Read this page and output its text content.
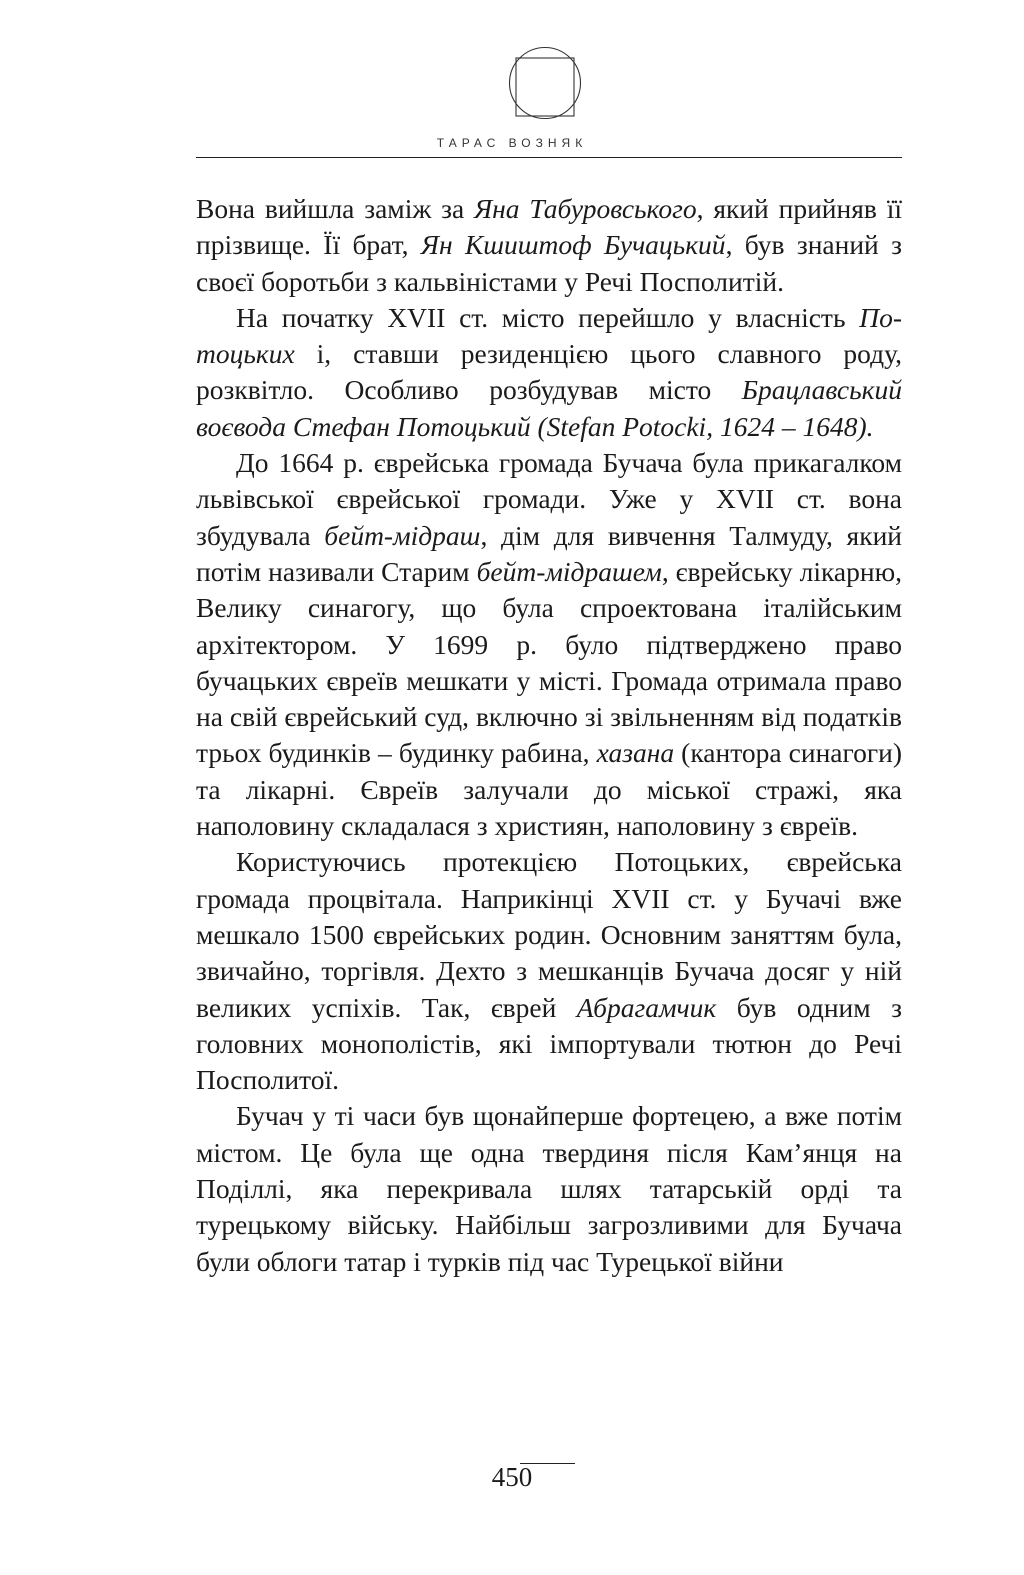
ТАРАС ВОЗНЯК

Вона вийшла заміж за Яна Табуровського, який прийняв її прізвище. Її брат, Ян Кшиштоф Бучацький, був знаний з своєї боротьби з кальвіністами у Речі Посполитій.

На початку XVII ст. місто перейшло у власність Потоцьких і, ставши резиденцією цього славного роду, розквітло. Особливо розбудував місто Брацлавський воєвода Стефан Потоцький (Stefan Potocki, 1624 – 1648).

До 1664 р. єврейська громада Бучача була прикагалком львівської єврейської громади. Уже у XVII ст. вона збудувала бейт-мідраш, дім для вивчення Талмуду, який потім називали Старим бейт-мідрашем, єврейську лікарню, Велику синагогу, що була спроектована італійським архітектором. У 1699 р. було підтверджено право бучацьких євреїв мешкати у місті. Громада отримала право на свій єврейський суд, включно зі звільненням від податків трьох будинків – будинку рабина, хазана (кантора синагоги) та лікарні. Євреїв залучали до міської стражі, яка наполовину складалася з християн, наполовину з євреїв.

Користуючись протекцією Потоцьких, єврейська громада процвітала. Наприкінці XVII ст. у Бучачі вже мешкало 1500 єврейських родин. Основним заняттям була, звичайно, торгівля. Дехто з мешканців Бучача досяг у ній великих успіхів. Так, єврей Абрагамчик був одним з головних монополістів, які імпортували тютюн до Речі Посполитої.

Бучач у ті часи був щонайперше фортецею, а вже потім містом. Це була ще одна твердиня після Кам’янця на Поділлі, яка перекривала шлях татарській орді та турецькому війську. Найбільш загрозливими для Бучача були облоги татар і турків під час Турецької війни

450
